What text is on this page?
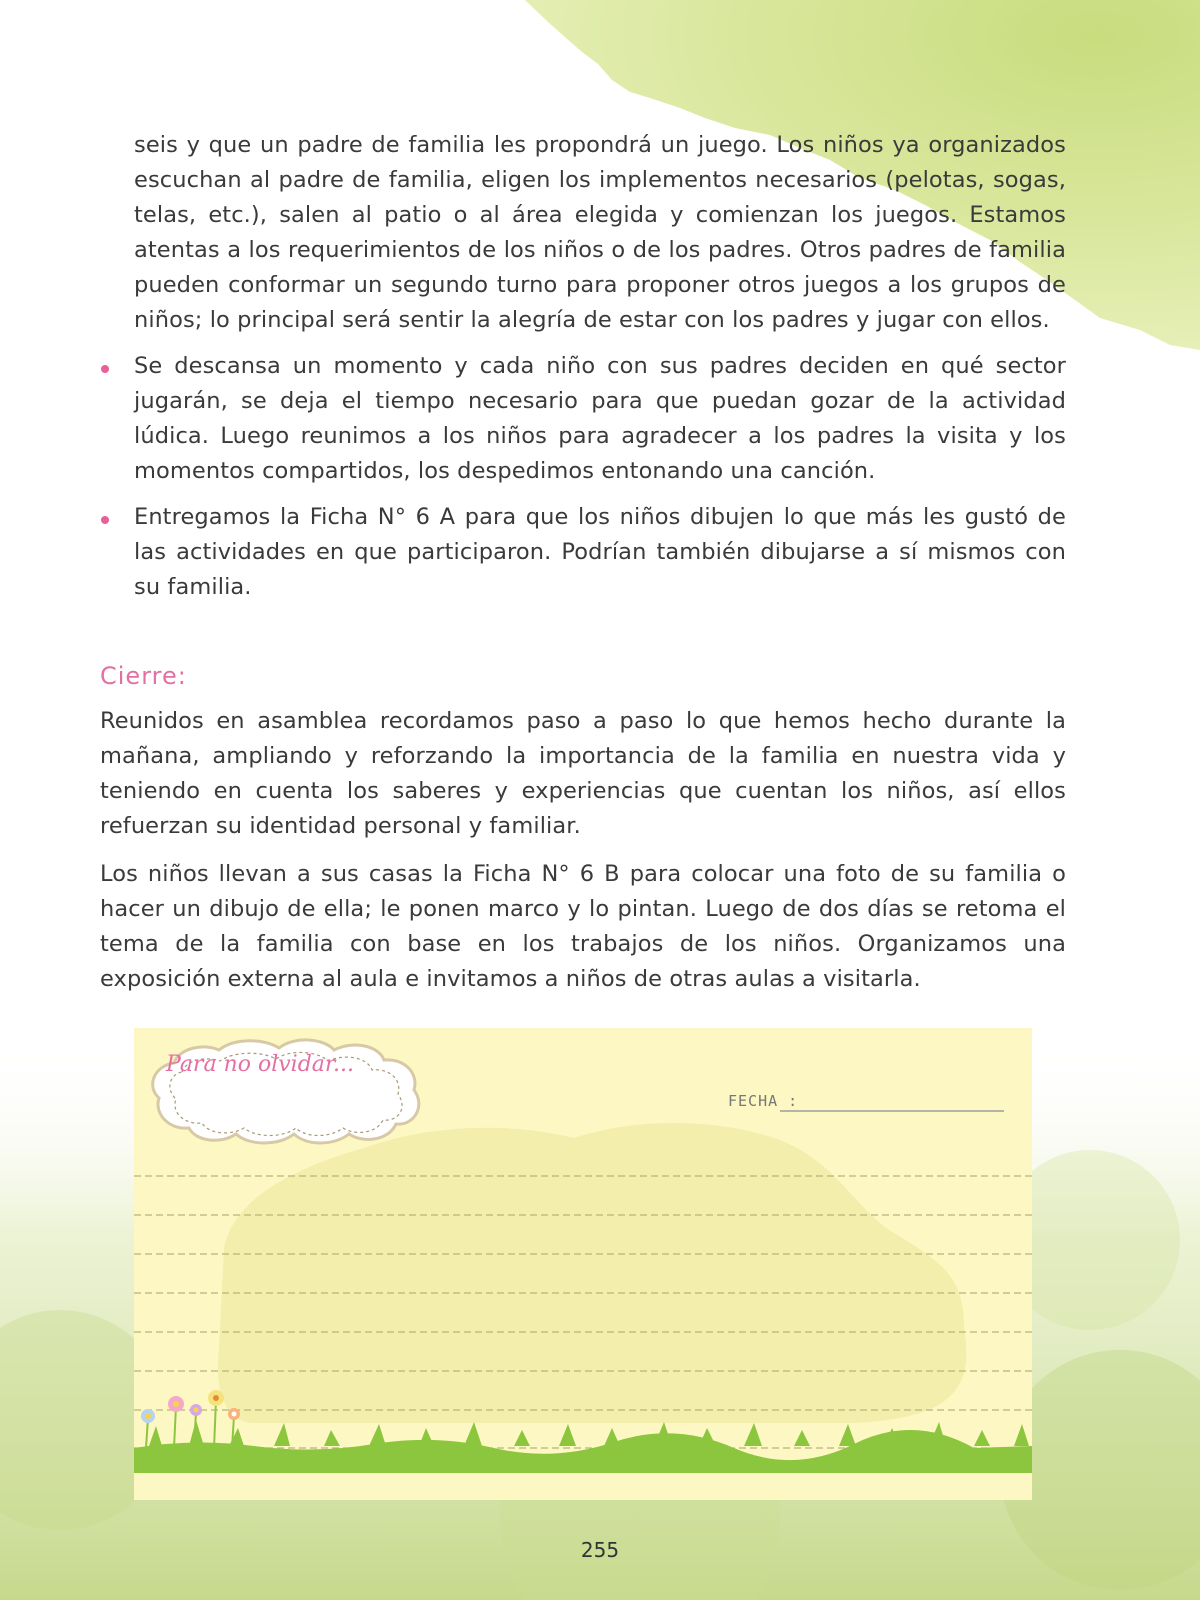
seis y que un padre de familia les propondrá un juego. Los niños ya organizados escuchan al padre de familia, eligen los implementos necesarios (pelotas, sogas, telas, etc.), salen al patio o al área elegida y comienzan los juegos. Estamos atentas a los requerimientos de los niños o de los padres. Otros padres de familia pueden conformar un segundo turno para proponer otros juegos a los grupos de niños; lo principal será sentir la alegría de estar con los padres y jugar con ellos.

Se descansa un momento y cada niño con sus padres deciden en qué sector jugarán, se deja el tiempo necesario para que puedan gozar de la actividad lúdica. Luego reunimos a los niños para agradecer a los padres la visita y los momentos compartidos, los despedimos entonando una canción.

Entregamos la Ficha N° 6 A para que los niños dibujen lo que más les gustó de las actividades en que participaron. Podrían también dibujarse a sí mismos con su familia.

Cierre:

Reunidos en asamblea recordamos paso a paso lo que hemos hecho durante la mañana, ampliando y reforzando la importancia de la familia en nuestra vida y teniendo en cuenta los saberes y experiencias que cuentan los niños, así ellos refuerzan su identidad personal y familiar.

Los niños llevan a sus casas la Ficha N° 6 B para colocar una foto de su familia o hacer un dibujo de ella; le ponen marco y lo pintan. Luego de dos días se retoma el tema de la familia con base en los trabajos de los niños. Organizamos una exposición externa al aula e invitamos a niños de otras aulas a visitarla.

Para no olvidar...
FECHA :
255
